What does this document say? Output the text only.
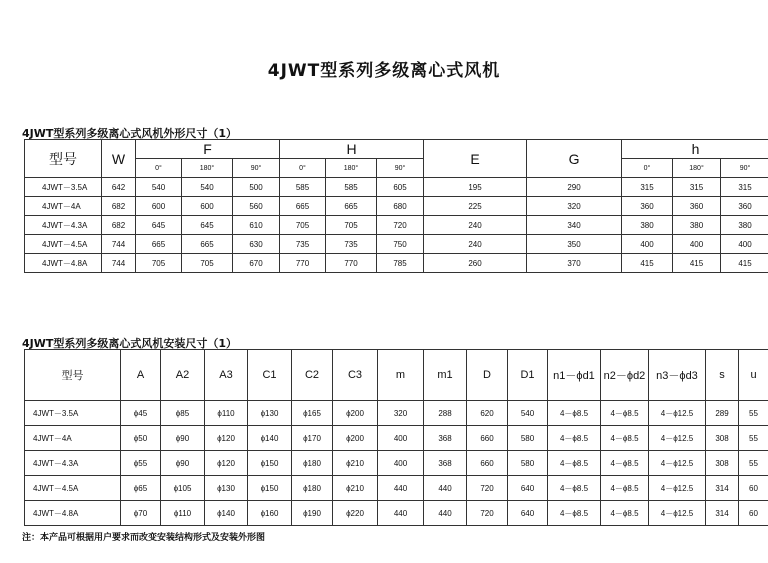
4JWT型系列多级离心式风机
4JWT型系列多级离心式风机外形尺寸（1）
型号	W	F			H			E	G	h		
		0°	180°	90°	0°	180°	90°			0°	180°	90°
4JWT－3.5A	642	540	540	500	585	585	605	195	290	315	315	315
4JWT－4A	682	600	600	560	665	665	680	225	320	360	360	360
4JWT－4.3A	682	645	645	610	705	705	720	240	340	380	380	380
4JWT－4.5A	744	665	665	630	735	735	750	240	350	400	400	400
4JWT－4.8A	744	705	705	670	770	770	785	260	370	415	415	415
4JWT型系列多级离心式风机安装尺寸（1）
型号	A	A2	A3	C1	C2	C3	m	m1	D	D1	n1－ϕd1	n2－ϕd2	n3－ϕd3	s	u
4JWT－3.5A	ϕ45	ϕ85	ϕ110	ϕ130	ϕ165	ϕ200	320	288	620	540	4－ϕ8.5	4－ϕ8.5	4－ϕ12.5	289	55
4JWT－4A	ϕ50	ϕ90	ϕ120	ϕ140	ϕ170	ϕ200	400	368	660	580	4－ϕ8.5	4－ϕ8.5	4－ϕ12.5	308	55
4JWT－4.3A	ϕ55	ϕ90	ϕ120	ϕ150	ϕ180	ϕ210	400	368	660	580	4－ϕ8.5	4－ϕ8.5	4－ϕ12.5	308	55
4JWT－4.5A	ϕ65	ϕ105	ϕ130	ϕ150	ϕ180	ϕ210	440	440	720	640	4－ϕ8.5	4－ϕ8.5	4－ϕ12.5	314	60
4JWT－4.8A	ϕ70	ϕ110	ϕ140	ϕ160	ϕ190	ϕ220	440	440	720	640	4－ϕ8.5	4－ϕ8.5	4－ϕ12.5	314	60
注：本产品可根据用户要求而改变安装结构形式及安装外形图
